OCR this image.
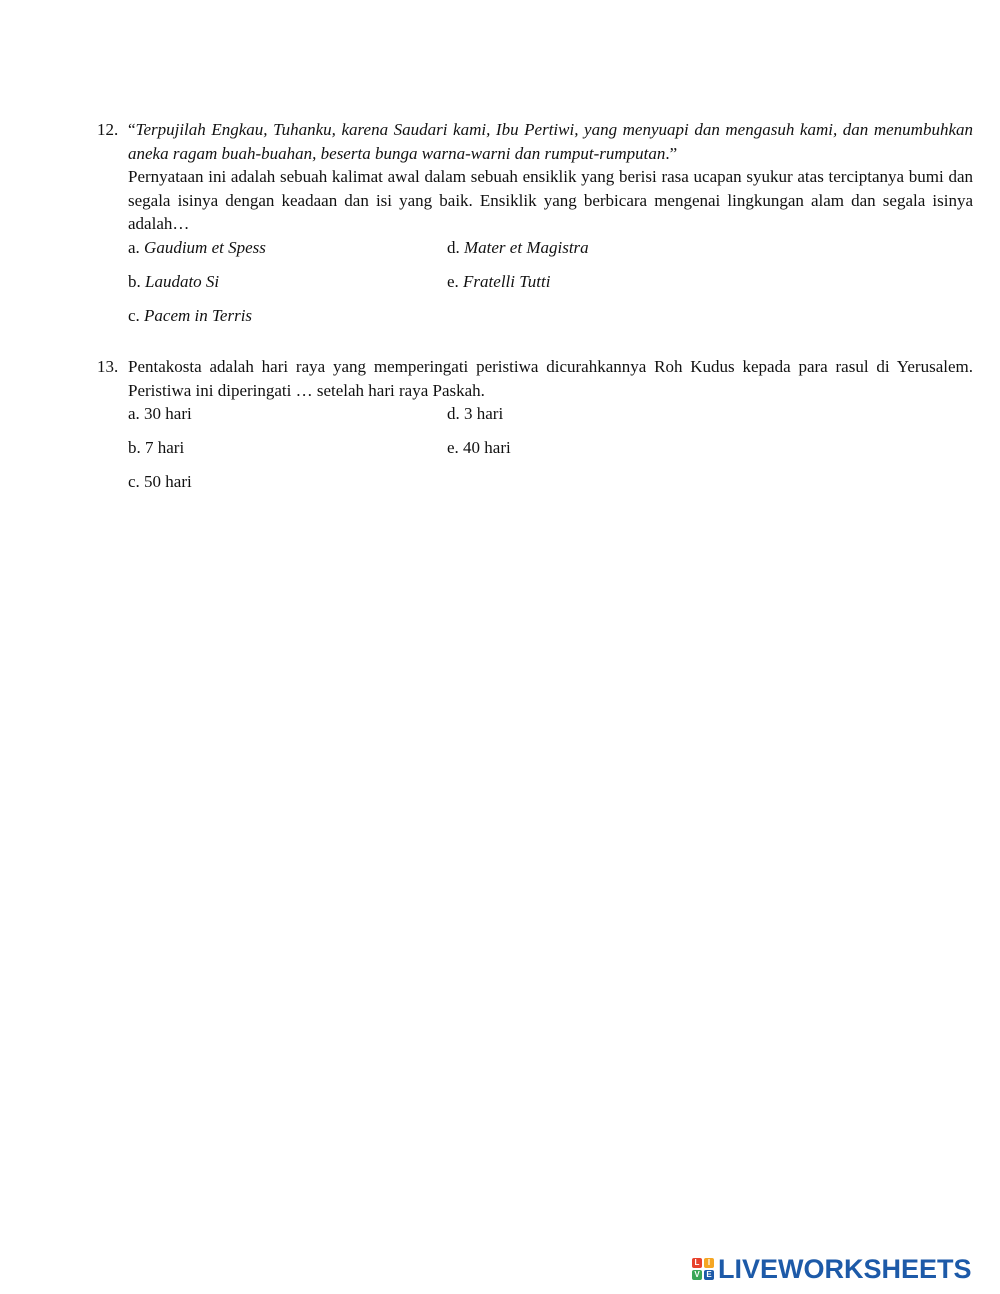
12. “Terpujilah Engkau, Tuhanku, karena Saudari kami, Ibu Pertiwi, yang menyuapi dan mengasuh kami, dan menumbuhkan aneka ragam buah-buahan, beserta bunga warna-warni dan rumput-rumputan.”

Pernyataan ini adalah sebuah kalimat awal dalam sebuah ensiklik yang berisi rasa ucapan syukur atas terciptanya bumi dan segala isinya dengan keadaan dan isi yang baik. Ensiklik yang berbicara mengenai lingkungan alam dan segala isinya adalah…

a. Gaudium et Spess
b. Laudato Si
c. Pacem in Terris
d. Mater et Magistra
e. Fratelli Tutti
13. Pentakosta adalah hari raya yang memperingati peristiwa dicurahkannya Roh Kudus kepada para rasul di Yerusalem. Peristiwa ini diperingati … setelah hari raya Paskah.

a. 30 hari
b. 7 hari
c. 50 hari
d. 3 hari
e. 40 hari
L	I
V E LIVEWORKSHEETS
